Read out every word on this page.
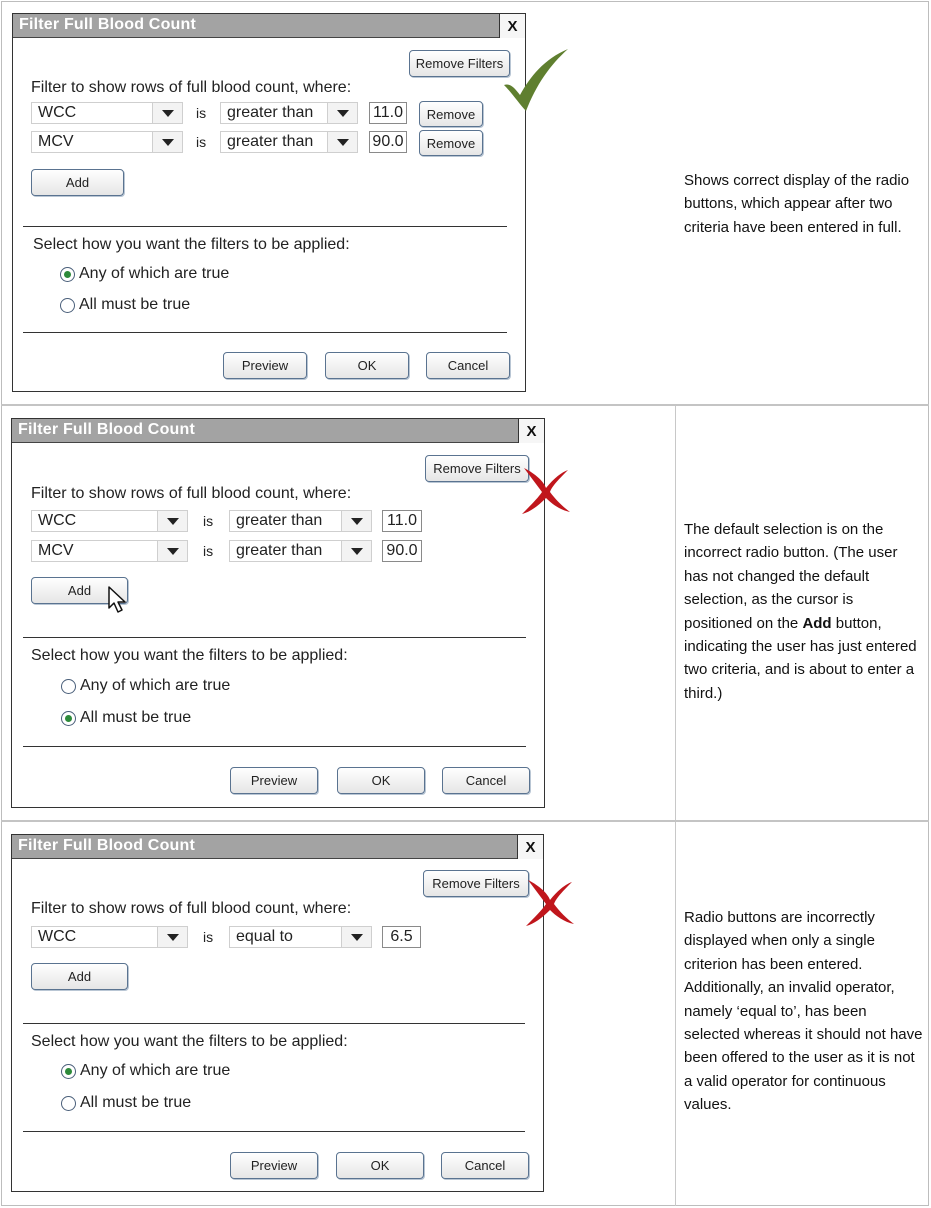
Filter Full Blood Count	X
Remove Filters
Filter to show rows of full blood count, where:
WCC	is greater than	11.0	Remove
MCV	is greater than	90.0	Remove
Add
Select how you want the filters to be applied:
Any of which are true
All must be true
Preview	OK	Cancel
Shows correct display of the radio buttons, which appear after two criteria have been entered in full.
Filter Full Blood Count	X
Remove Filters
Filter to show rows of full blood count, where:
WCC	is greater than	11.0
MCV	is greater than	90.0
Add
Select how you want the filters to be applied:
Any of which are true
All must be true
Preview	OK	Cancel
The default selection is on the incorrect radio button. (The user has not changed the default selection, as the cursor is positioned on the Add button, indicating the user has just entered two criteria, and is about to enter a third.)
Filter Full Blood Count	X
Remove Filters
Filter to show rows of full blood count, where:
WCC	is equal to	6.5
Add
Select how you want the filters to be applied:
Any of which are true
All must be true
Preview	OK	Cancel
Radio buttons are incorrectly displayed when only a single criterion has been entered. Additionally, an invalid operator, namely ‘equal to’, has been selected whereas it should not have been offered to the user as it is not a valid operator for continuous values.
